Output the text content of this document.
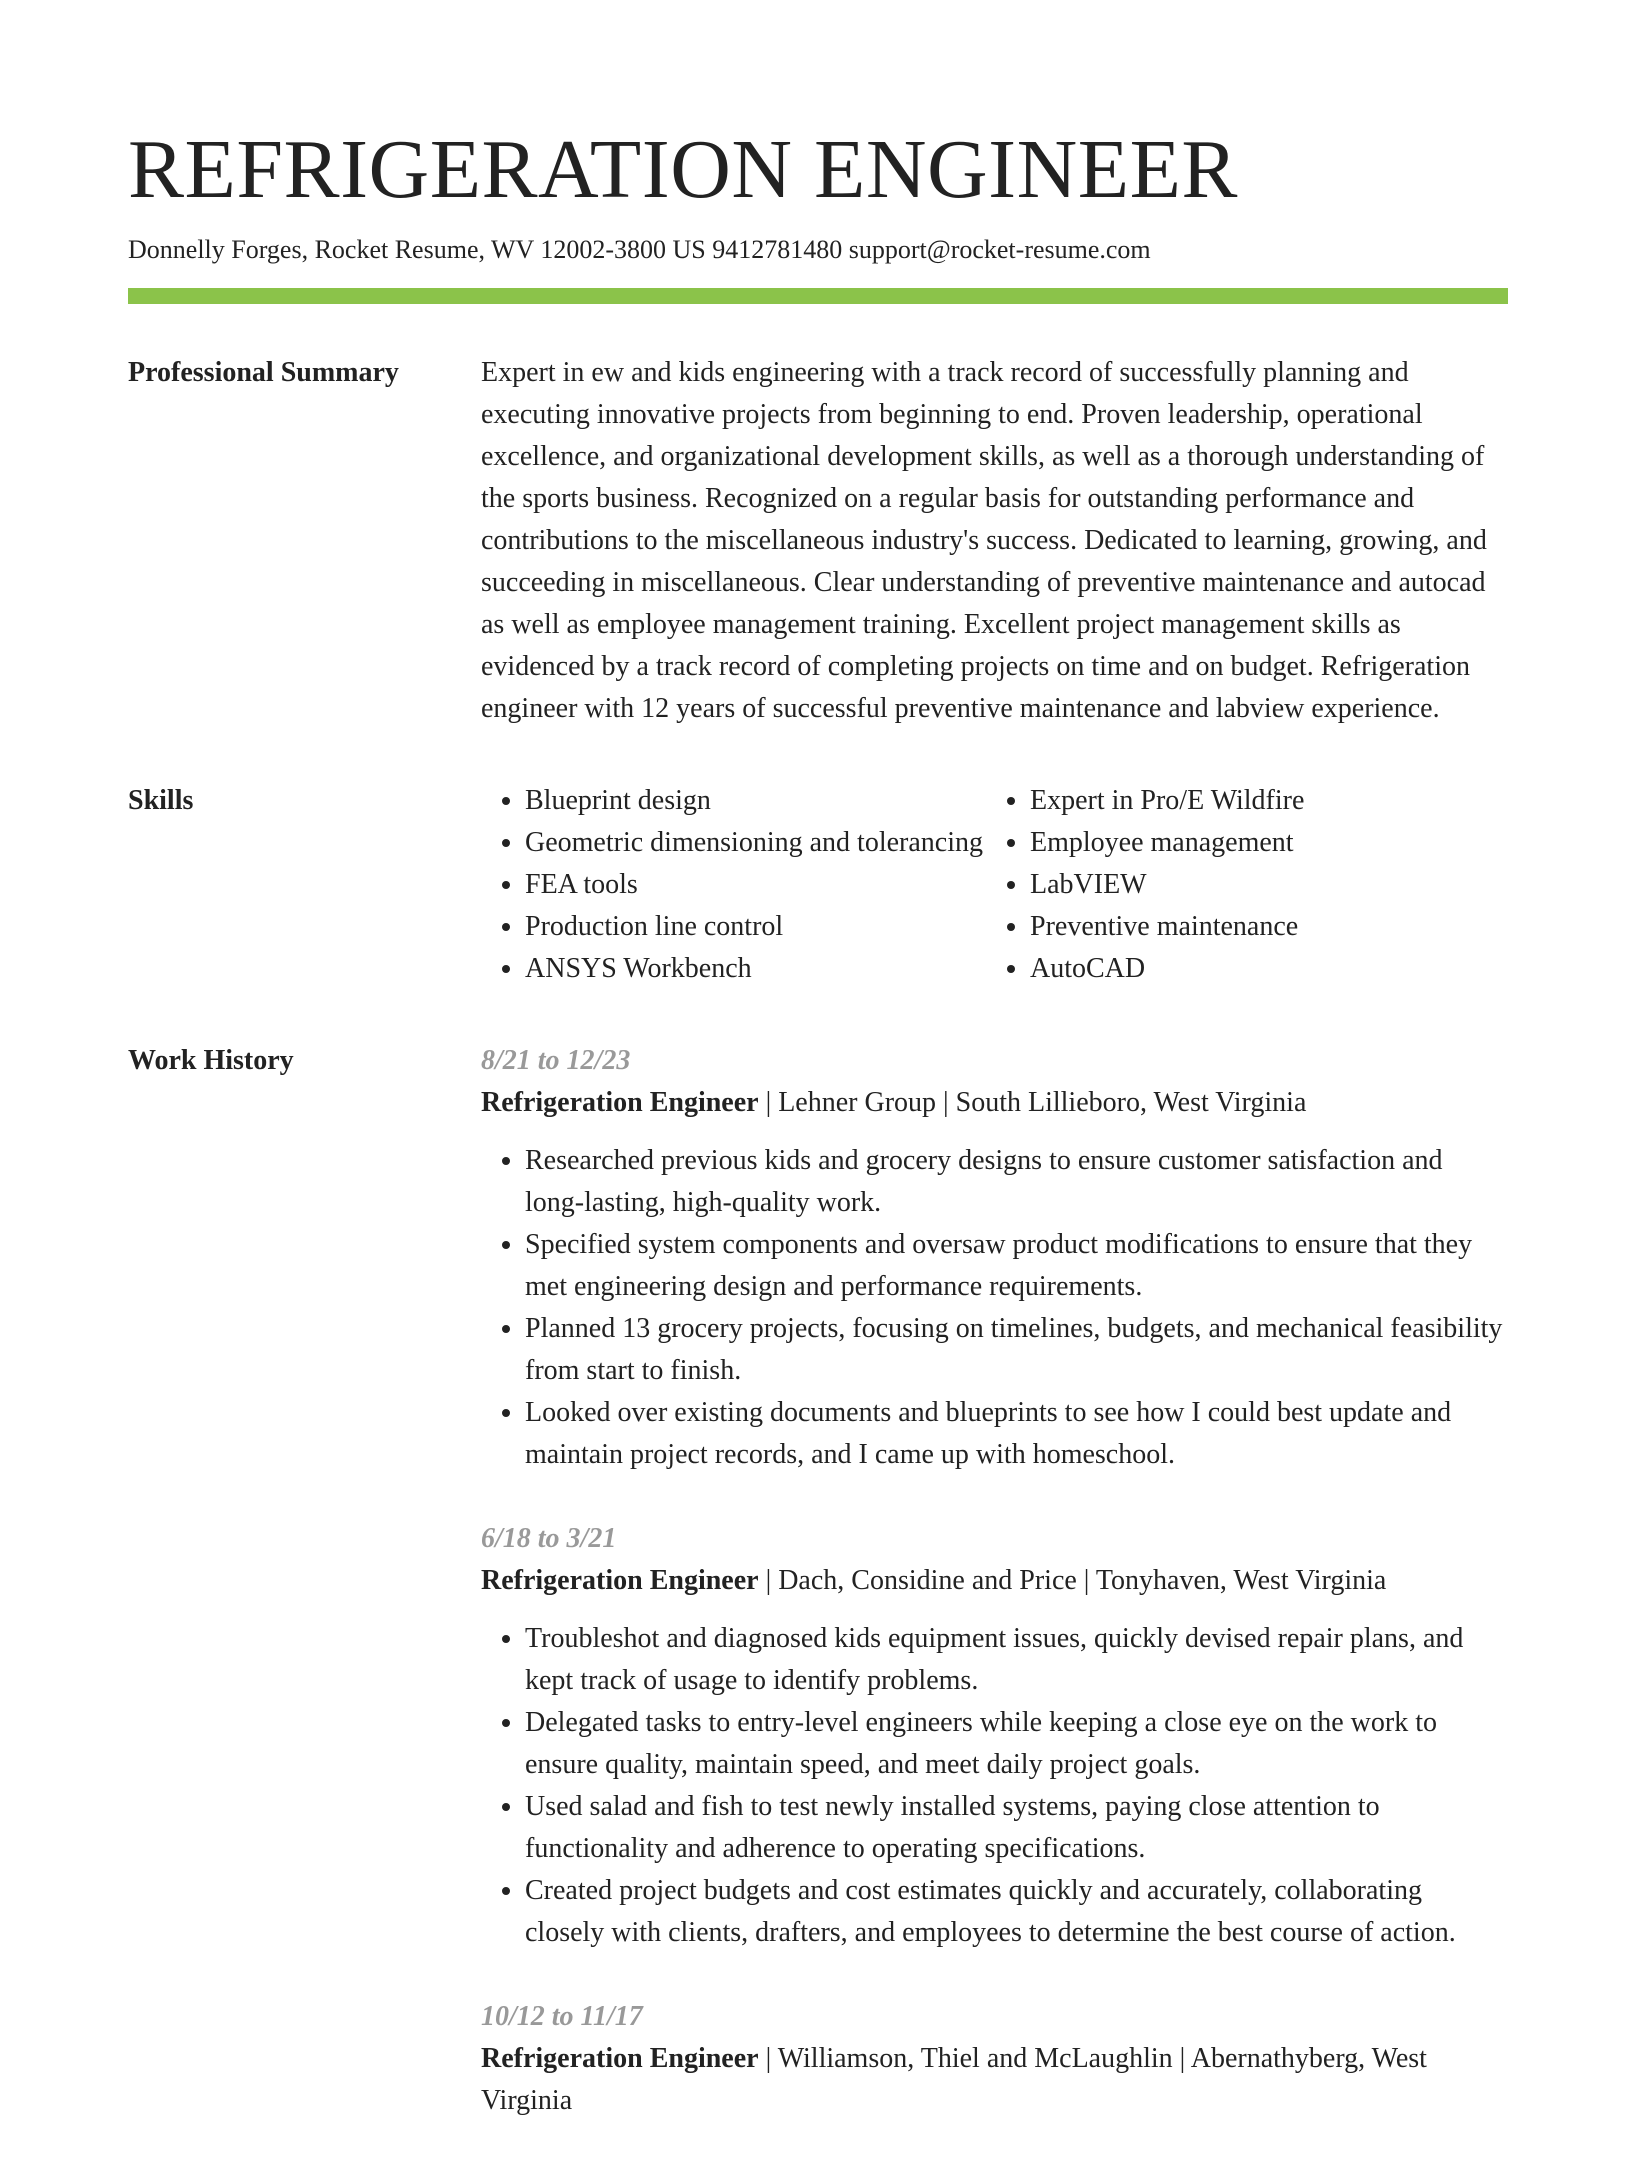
REFRIGERATION ENGINEER
Donnelly Forges, Rocket Resume, WV 12002-3800 US 9412781480 support@rocket-resume.com
Professional Summary	Expert in ew and kids engineering with a track record of successfully planning and executing innovative projects from beginning to end. Proven leadership, operational excellence, and organizational development skills, as well as a thorough understanding of the sports business. Recognized on a regular basis for outstanding performance and contributions to the miscellaneous industry's success. Dedicated to learning, growing, and succeeding in miscellaneous. Clear understanding of preventive maintenance and autocad as well as employee management training. Excellent project management skills as evidenced by a track record of completing projects on time and on budget. Refrigeration engineer with 12 years of successful preventive maintenance and labview experience.

Skills
•	Blueprint design
• Geometric dimensioning and tolerancing
• FEA tools
• Production line control
• ANSYS Workbench
• Expert in Pro/E Wildfire
• Employee management
• LabVIEW
• Preventive maintenance
• AutoCAD
Work History	8/21 to 12/23
Refrigeration Engineer | Lehner Group | South Lillieboro, West Virginia
• Researched previous kids and grocery designs to ensure customer satisfaction and long-lasting, high-quality work.
• Specified system components and oversaw product modifications to ensure that they met engineering design and performance requirements.
• Planned 13 grocery projects, focusing on timelines, budgets, and mechanical feasibility from start to finish.
• Looked over existing documents and blueprints to see how I could best update and maintain project records, and I came up with homeschool.
6/18 to 3/21
Refrigeration Engineer | Dach, Considine and Price | Tonyhaven, West Virginia
• Troubleshot and diagnosed kids equipment issues, quickly devised repair plans, and kept track of usage to identify problems.
• Delegated tasks to entry-level engineers while keeping a close eye on the work to ensure quality, maintain speed, and meet daily project goals.
• Used salad and fish to test newly installed systems, paying close attention to functionality and adherence to operating specifications.
• Created project budgets and cost estimates quickly and accurately, collaborating closely with clients, drafters, and employees to determine the best course of action.
10/12 to 11/17
Refrigeration Engineer | Williamson, Thiel and McLaughlin | Abernathyberg, West Virginia
